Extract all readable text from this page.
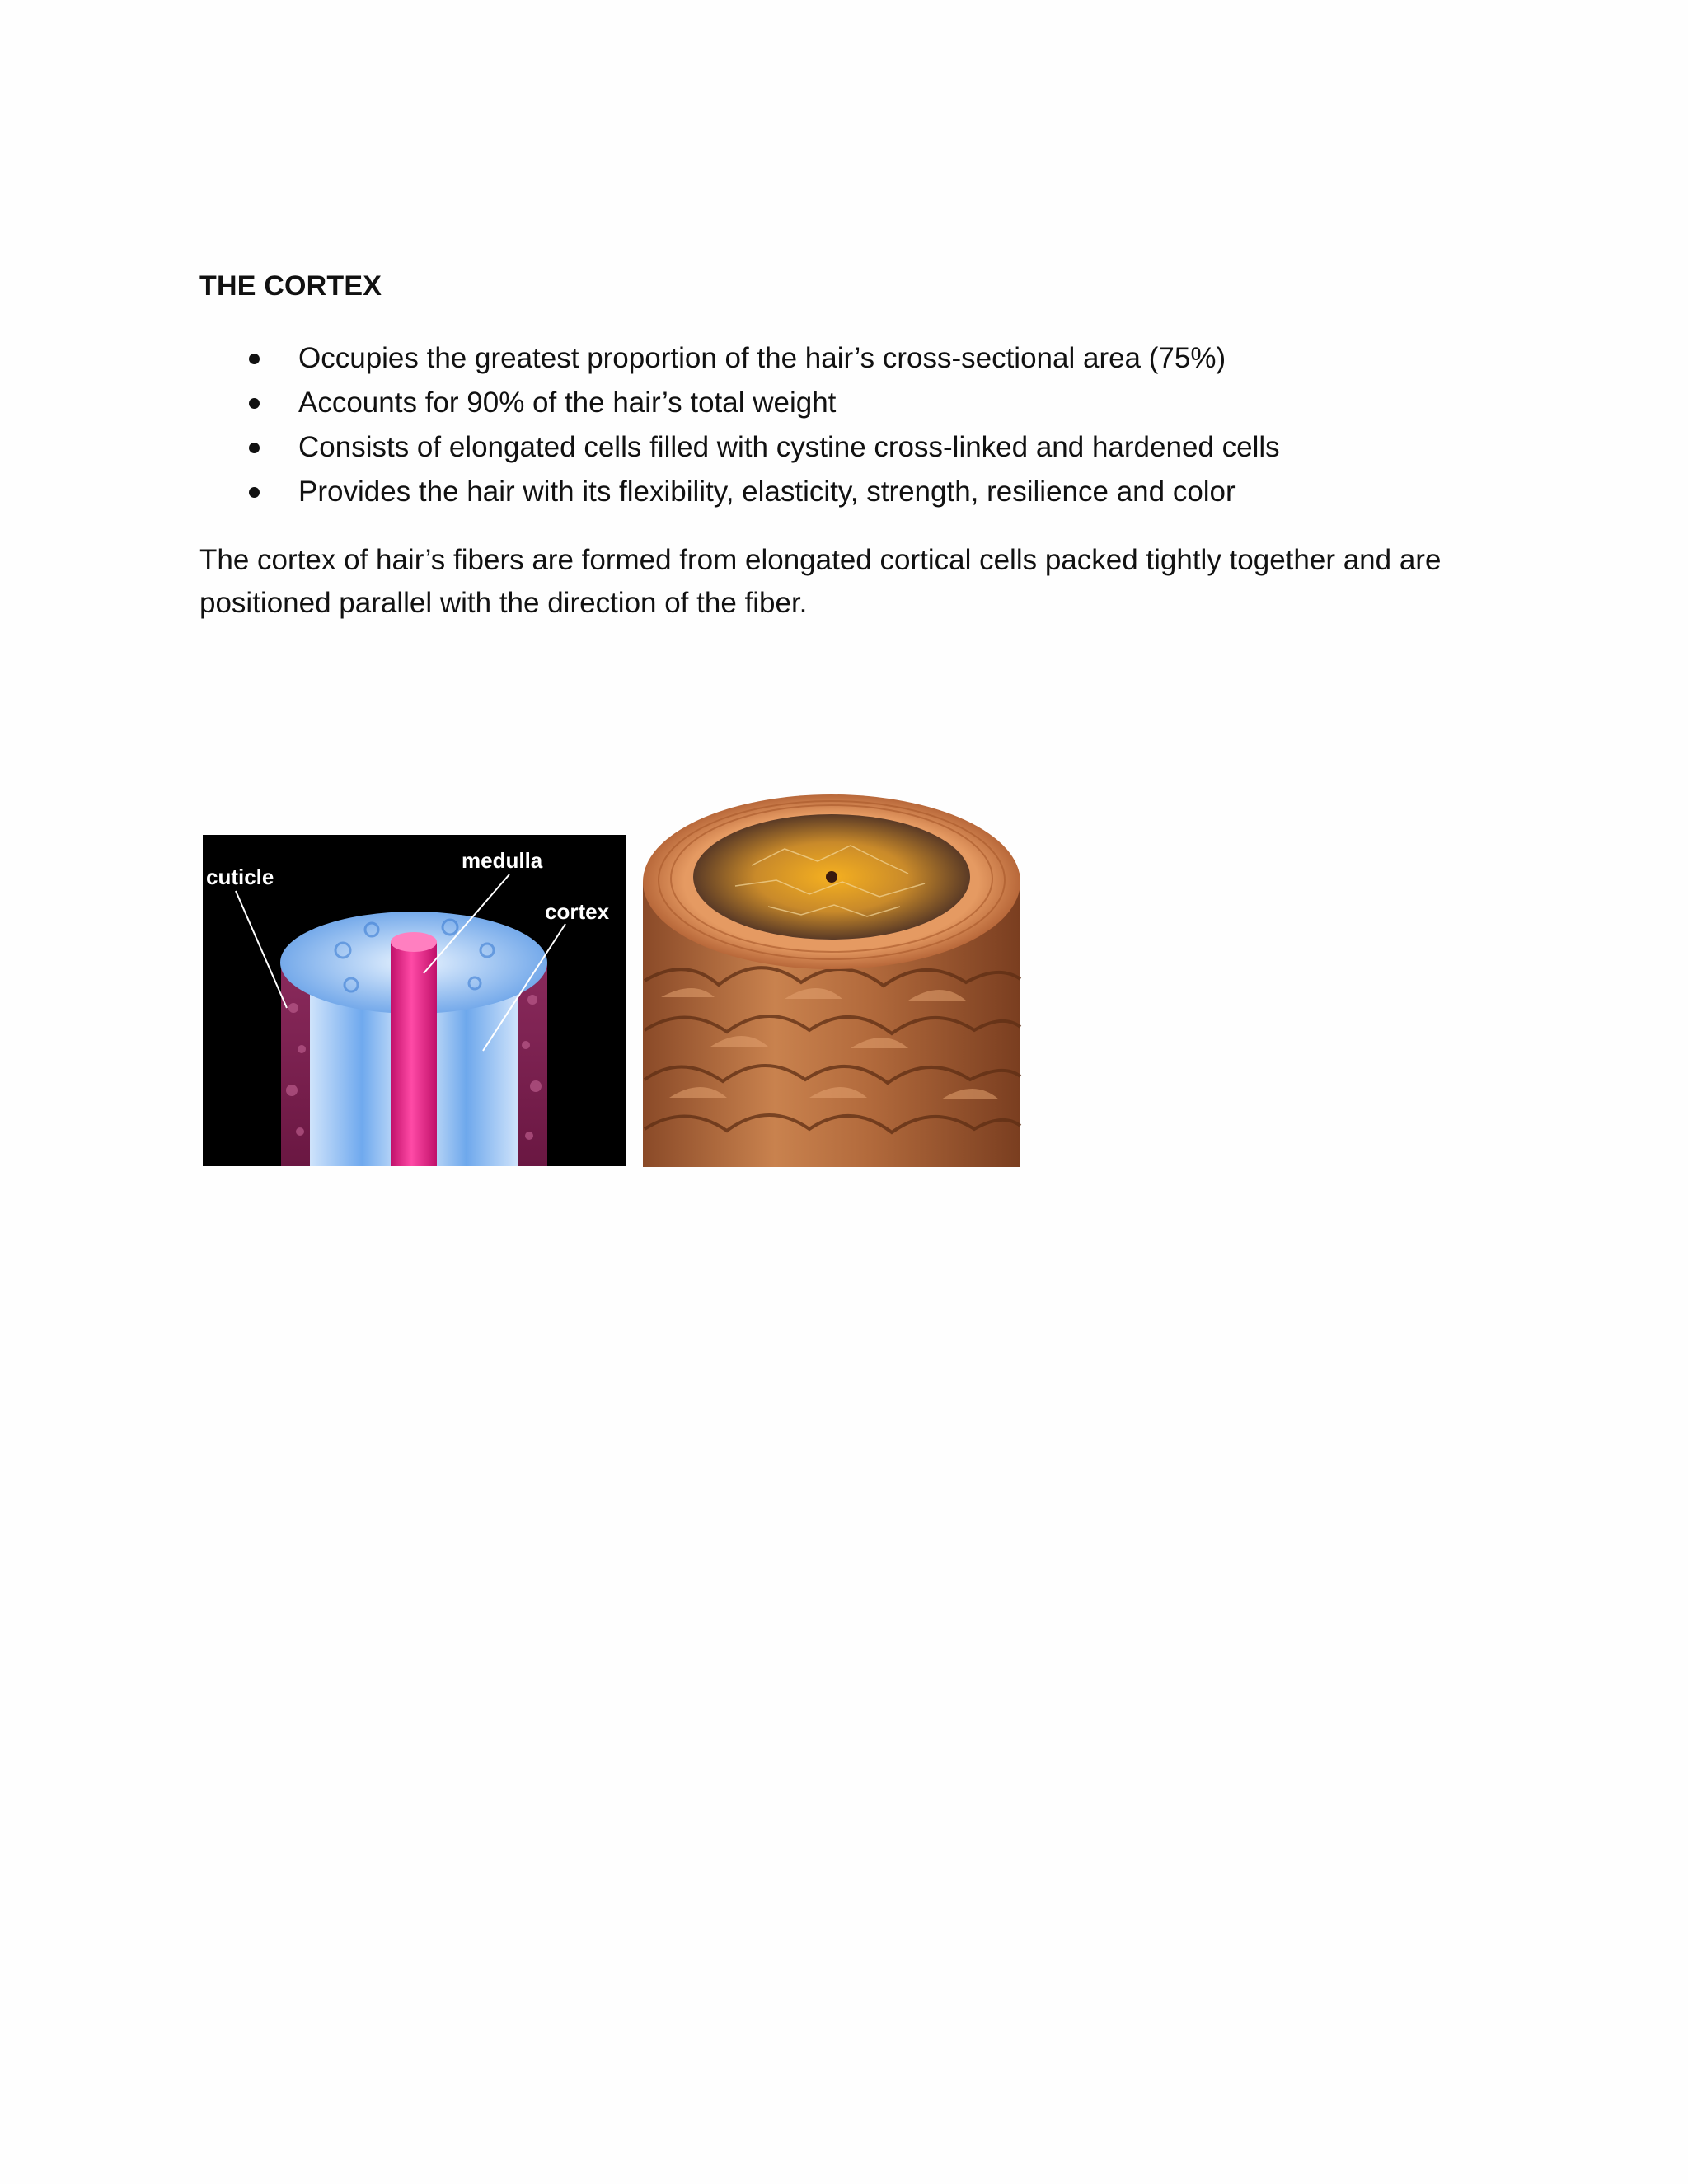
THE CORTEX
Occupies the greatest proportion of the hair’s cross-sectional area (75%)
Accounts for 90% of the hair’s total weight
Consists of elongated cells filled with cystine cross-linked and hardened cells
Provides the hair with its flexibility, elasticity, strength, resilience and color

The cortex of hair’s fibers are formed from elongated cortical cells packed tightly together and are
positioned parallel with the direction of the fiber.

cuticle
medulla
cortex
